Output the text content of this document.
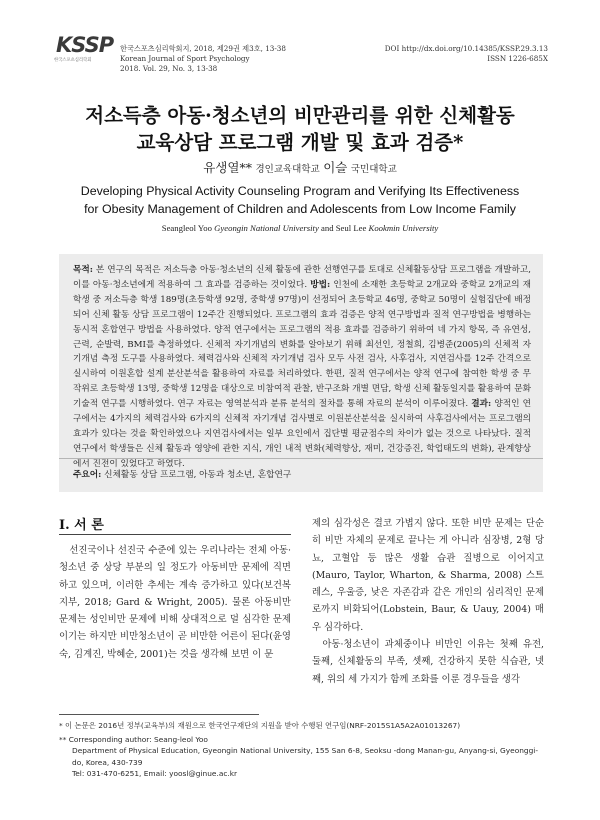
KSSP
한국스포츠심리학회
한국스포츠심리학회지, 2018, 제29권 제3호, 13-38
Korean Journal of Sport Psychology
2018. Vol. 29, No. 3, 13-38
DOI http://dx.doi.org/10.14385/KSSP.29.3.13
ISSN 1226-685X
저소득층 아동·청소년의 비만관리를 위한 신체활동
교육상담 프로그램 개발 및 효과 검증*
유생열** 경인교육대학교 이슬 국민대학교
Developing Physical Activity Counseling Program and Verifying Its Effectiveness
for Obesity Management of Children and Adolescents from Low Income Family
Seangleol Yoo Gyeongin National University and Seul Lee Kookmin University
목적: 본 연구의 목적은 저소득층 아동·청소년의 신체 활동에 관한 선행연구를 토대로 신체활동상담 프로그램을 개발하고, 이를 아동·청소년에게 적용하여 그 효과를 검증하는 것이었다. 방법: 인천에 소재한 초등학교 2개교와 중학교 2개교의 재학생 중 저소득층 학생 189명(초등학생 92명, 중학생 97명)이 선정되어 초등학교 46명, 중학교 50명이 실험집단에 배정되어 신체 활동 상담 프로그램이 12주간 진행되었다. 프로그램의 효과 검증은 양적 연구방법과 질적 연구방법을 병행하는 동시적 혼합연구 방법을 사용하였다. 양적 연구에서는 프로그램의 적용 효과를 검증하기 위하여 네 가지 항목, 즉 유연성, 근력, 순발력, BMI를 측정하였다. 신체적 자기개념의 변화를 알아보기 위해 최선인, 정철희, 김병준(2005)의 신체적 자기개념 측정 도구를 사용하였다. 체력검사와 신체적 자기개념 검사 모두 사전 검사, 사후검사, 지연검사를 12주 간격으로 실시하여 이원혼합 설계 분산분석을 활용하여 자료를 처리하였다. 한편, 질적 연구에서는 양적 연구에 참여한 학생 중 무작위로 초등학생 13명, 중학생 12명을 대상으로 비참여적 관찰, 반구조화 개별 면담, 학생 신체 활동일지를 활용하여 문화 기술적 연구를 시행하였다. 연구 자료는 영역분석과 분류 분석의 절차를 통해 자료의 분석이 이루어졌다. 결과: 양적인 연구에서는 4가지의 체력검사와 6가지의 신체적 자기개념 검사별로 이원분산분석을 실시하여 사후검사에서는 프로그램의 효과가 있다는 것을 확인하였으나 지연검사에서는 일부 요인에서 집단별 평균점수의 차이가 없는 것으로 나타났다. 질적 연구에서 학생들은 신체 활동과 영양에 관한 지식, 개인 내적 변화(체력향상, 재미, 건강증진, 학업태도의 변화), 관계향상에서 진전이 있었다고 하였다.
주요어: 신체활동 상담 프로그램, 아동과 청소년, 혼합연구
I. 서 론

선진국이나 선진국 수준에 있는 우리나라는 전체 아동·청소년 중 상당 부분의 일 정도가 아동비만 문제에 직면하고 있으며, 이러한 추세는 계속 증가하고 있다(보건복지부, 2018; Gard & Wright, 2005). 물론 아동비만 문제는 성인비만 문제에 비해 상대적으로 덜 심각한 문제이기는 하지만 비만청소년이 곧 비만한 어른이 된다(윤영숙, 김계진, 박혜순, 2001)는 것을 생각해 보면 이 문

제의 심각성은 결코 가볍지 않다. 또한 비만 문제는 단순히 비만 자체의 문제로 끝나는 게 아니라 심장병, 2형 당뇨, 고혈압 등 많은 생활 습관 질병으로 이어지고(Mauro, Taylor, Wharton, & Sharma, 2008) 스트레스, 우울증, 낮은 자존감과 같은 개인의 심리적인 문제로까지 비화되어(Lobstein, Baur, & Uauy, 2004) 매우 심각하다.

아동·청소년이 과체중이나 비만인 이유는 첫째 유전, 둘째, 신체활동의 부족, 셋째, 건강하지 못한 식습관, 넷째, 위의 세 가지가 함께 조화를 이룬 경우들을 생각

* 이 논문은 2016년 정부(교육부)의 재원으로 한국연구재단의 지원을 받아 수행된 연구임(NRF-2015S1A5A2A01013267)
** Corresponding author: Seang-leol Yoo
Department of Physical Education, Gyeongin National University, 155 San 6-8, Seoksu -dong Manan-gu, Anyang-si, Gyeonggi-do, Korea, 430-739
Tel: 031-470-6251, Email: yoosl@ginue.ac.kr
